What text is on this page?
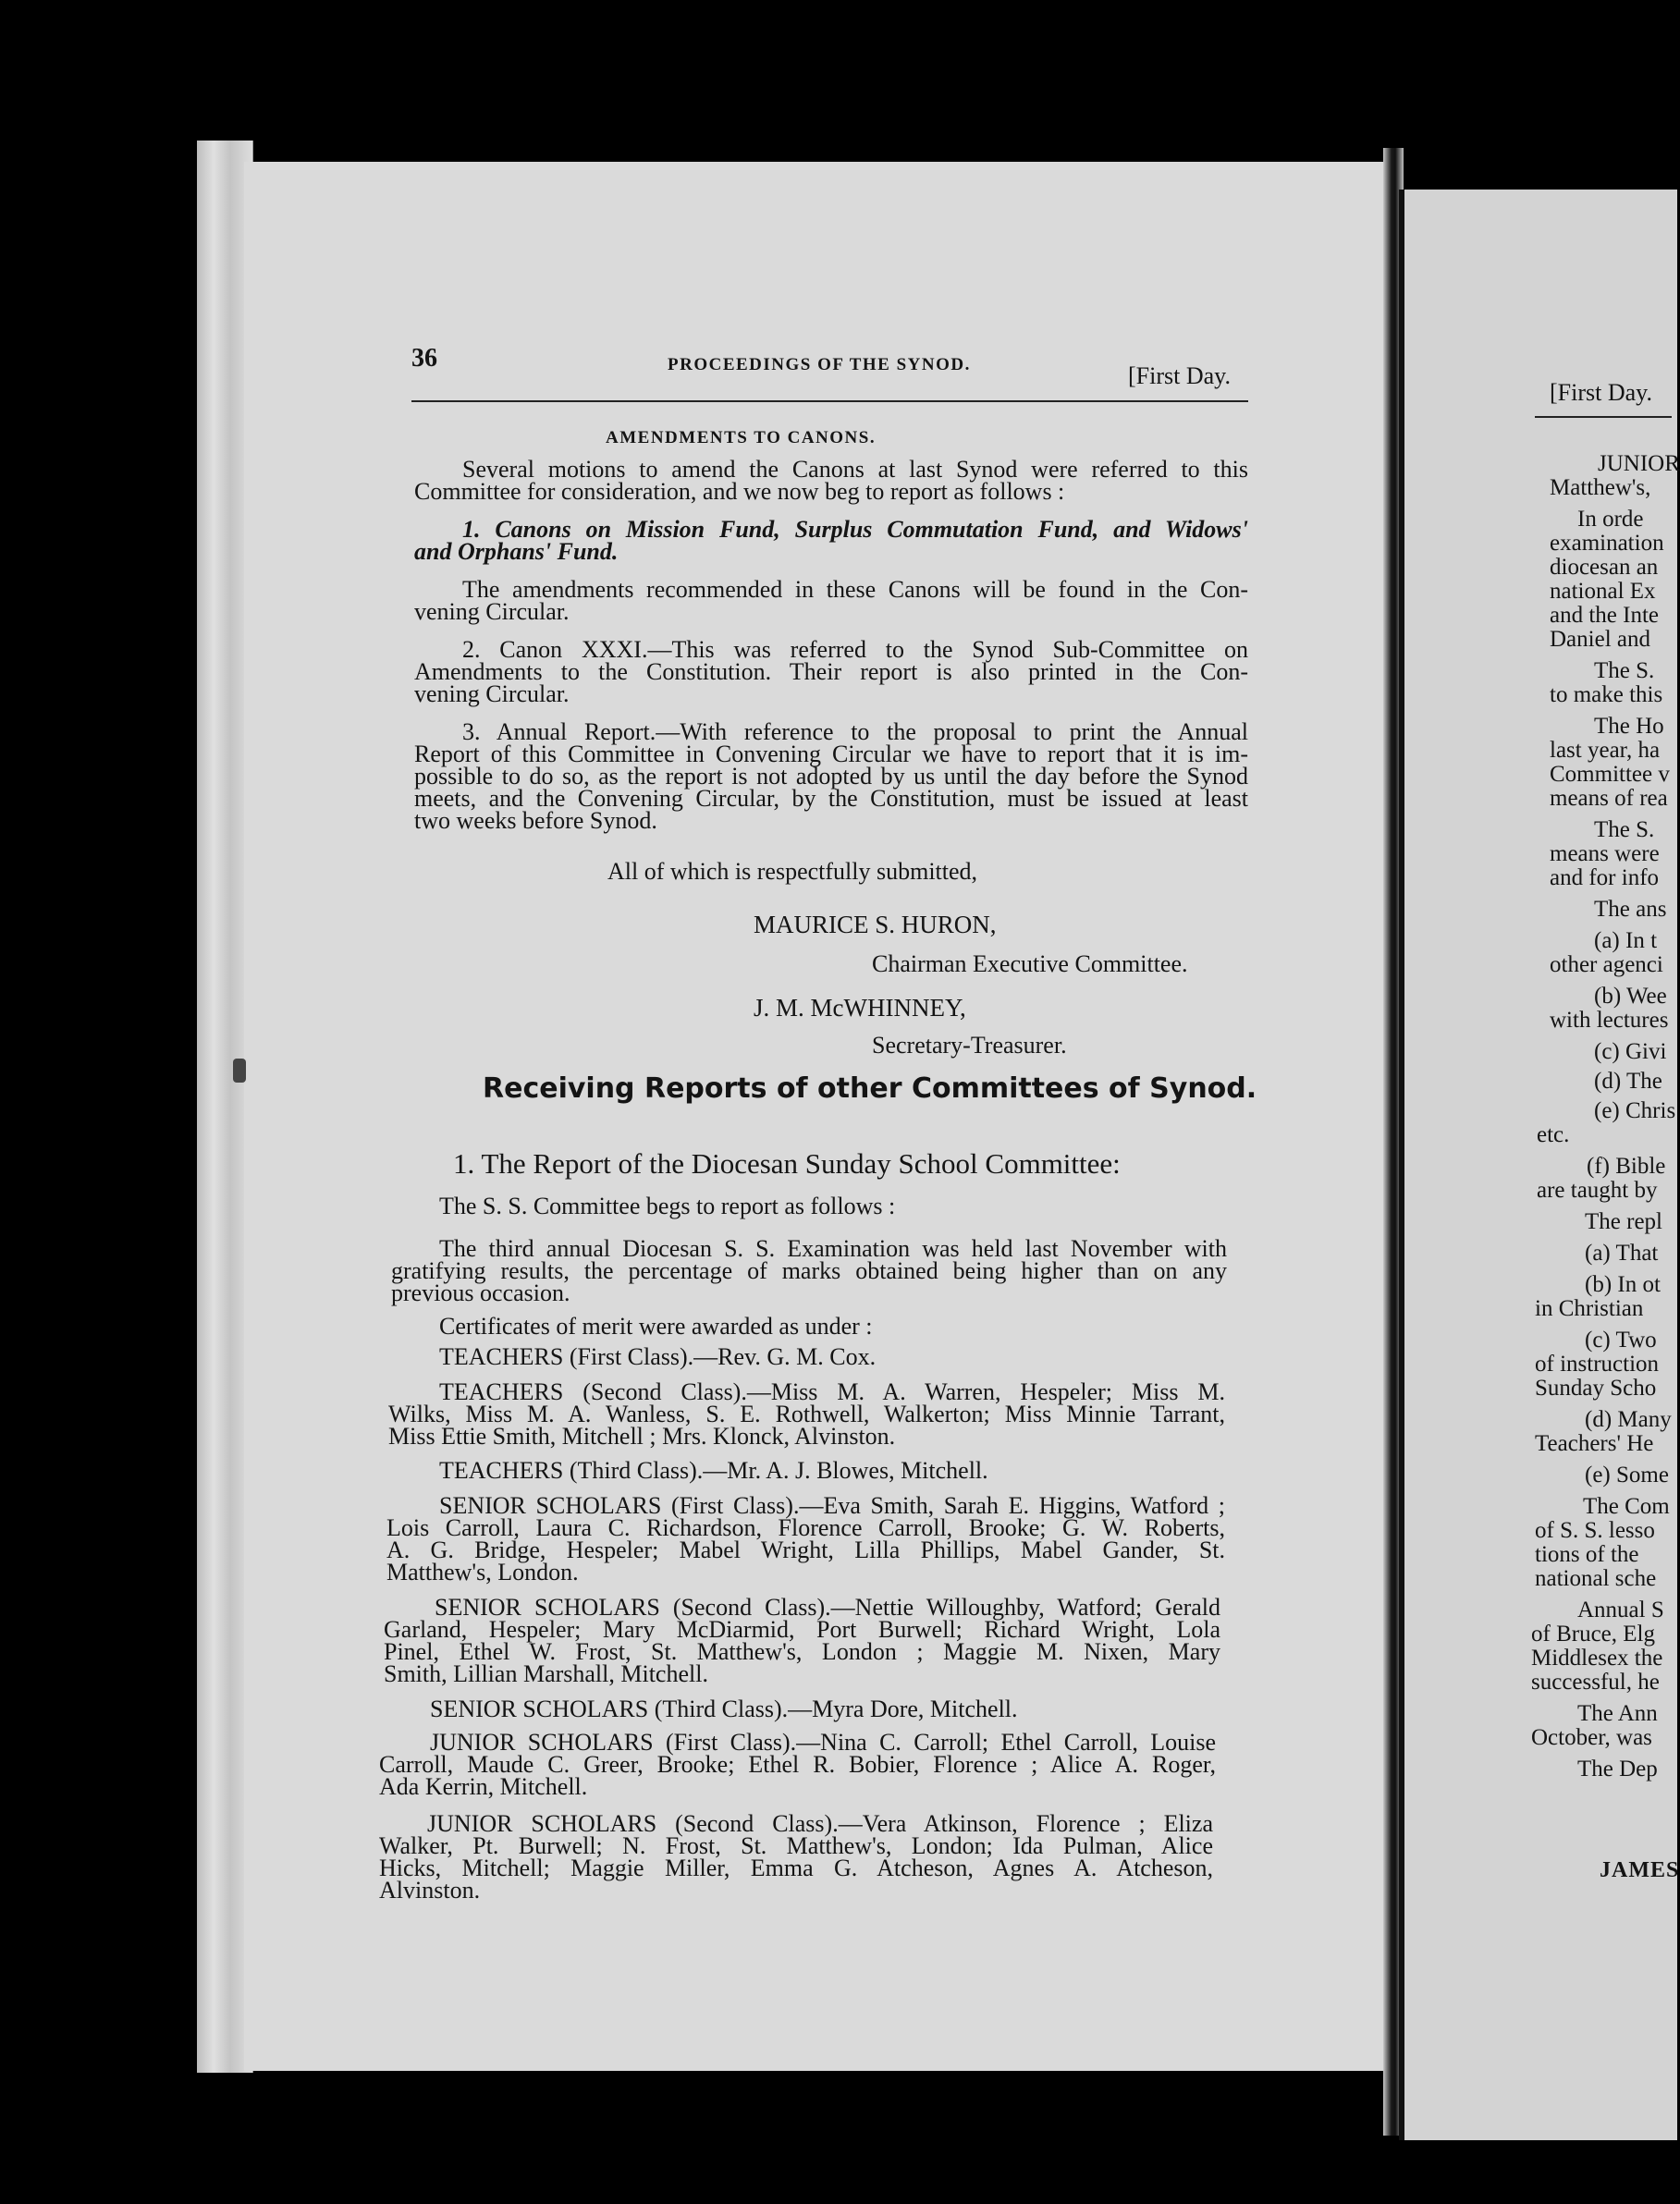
36	PROCEEDINGS OF THE SYNOD.	[First Day.
AMENDMENTS TO CANONS.
Several motions to amend the Canons at last Synod were referred to this
Committee for consideration, and we now beg to report as follows :
1. Canons on Mission Fund, Surplus Commutation Fund, and Widows'
and Orphans' Fund.
The amendments recommended in these Canons will be found in the Con-
vening Circular.
2. Canon XXXI.—This was referred to the Synod Sub-Committee on
Amendments to the Constitution. Their report is also printed in the Con-
vening Circular.
3. Annual Report.—With reference to the proposal to print the Annual
Report of this Committee in Convening Circular we have to report that it is im-
possible to do so, as the report is not adopted by us until the day before the Synod
meets, and the Convening Circular, by the Constitution, must be issued at least
two weeks before Synod.
All of which is respectfully submitted,
MAURICE S. HURON,
Chairman Executive Committee.
J. M. McWHINNEY,
Secretary-Treasurer.
Receiving Reports of other Committees of Synod.
1. The Report of the Diocesan Sunday School Committee:
The S. S. Committee begs to report as follows :
The third annual Diocesan S. S. Examination was held last November with
gratifying results, the percentage of marks obtained being higher than on any
previous occasion.
Certificates of merit were awarded as under :
TEACHERS (First Class).—Rev. G. M. Cox.
TEACHERS (Second Class).—Miss M. A. Warren, Hespeler; Miss M.
Wilks, Miss M. A. Wanless, S. E. Rothwell, Walkerton; Miss Minnie Tarrant,
Miss Ettie Smith, Mitchell ; Mrs. Klonck, Alvinston.
TEACHERS (Third Class).—Mr. A. J. Blowes, Mitchell.
SENIOR SCHOLARS (First Class).—Eva Smith, Sarah E. Higgins, Watford ;
Lois Carroll, Laura C. Richardson, Florence Carroll, Brooke; G. W. Roberts,
A. G. Bridge, Hespeler; Mabel Wright, Lilla Phillips, Mabel Gander, St.
Matthew's, London.
SENIOR SCHOLARS (Second Class).—Nettie Willoughby, Watford; Gerald
Garland, Hespeler; Mary McDiarmid, Port Burwell; Richard Wright, Lola
Pinel, Ethel W. Frost, St. Matthew's, London ; Maggie M. Nixen, Mary
Smith, Lillian Marshall, Mitchell.
SENIOR SCHOLARS (Third Class).—Myra Dore, Mitchell.
JUNIOR SCHOLARS (First Class).—Nina C. Carroll; Ethel Carroll, Louise
Carroll, Maude C. Greer, Brooke; Ethel R. Bobier, Florence ; Alice A. Roger,
Ada Kerrin, Mitchell.
JUNIOR SCHOLARS (Second Class).—Vera Atkinson, Florence ; Eliza
Walker, Pt. Burwell; N. Frost, St. Matthew's, London; Ida Pulman, Alice
Hicks, Mitchell; Maggie Miller, Emma G. Atcheson, Agnes A. Atcheson,
Alvinston.
[First Day.
JUNIOR
Matthew's,
In orde
examination
diocesan an
national Ex
and the Inte
Daniel and
The S.
to make this
The Ho
last year, ha
Committee v
means of rea
The S.
means were
and for info
The ans
(a) In t
other agenci
(b) Wee
with lectures
(c) Givi
(d) The
(e) Chris
etc.
(f) Bible
are taught by
The repl
(a) That
(b) In ot
in Christian
(c) Two
of instruction
Sunday Scho
(d) Many
Teachers' He
(e) Some
The Com
of S. S. lesso
tions of the
national sche
Annual S
of Bruce, Elg
Middlesex the
successful, he
The Ann
October, was
The Dep
JAMES
